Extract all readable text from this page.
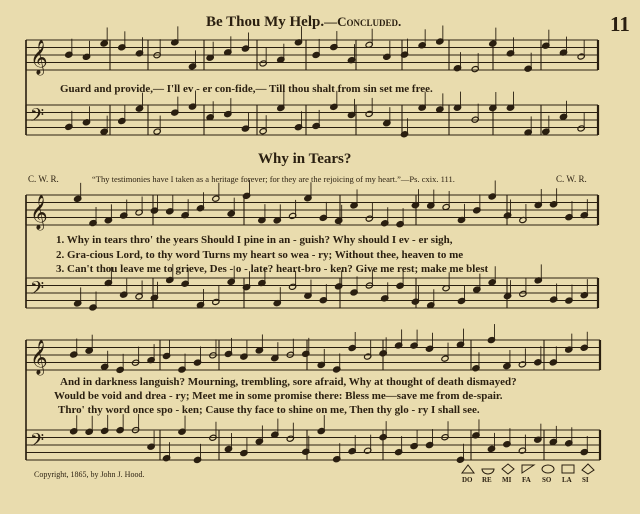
Be Thou My Help.—Concluded.	11
𝄞
𝄢
𝄞
𝄢
𝄞
𝄢
Guard and provide,— I'll ev - er con-fide,— Till thou shalt from sin set me free.
Why in Tears?
C. W. R.	“Thy testimonies have I taken as a heritage forever; for they are the rejoicing of my heart.”—Ps. cxix. 111.	C. W. R.
1. Why in tears thro' the years Should I pine in an - guish? Why should I ev - er sigh,
2. Gra-cious Lord, to thy word Turns my heart so wea - ry; Without thee, heaven to me
3. Can't thou leave me to grieve, Des - o - late? heart-bro - ken? Give me rest; make me blest
And in darkness languish? Mourning, trembling, sore afraid, Why at thought of death dismayed?
Would be void and drea - ry; Meet me in some promise there: Bless me—save me from de-spair.
Thro' thy word once spo - ken; Cause thy face to shine on me, Then thy glo - ry I shall see.
Copyright, 1865, by John J. Hood.
DO RE MI FA SO LA SI
